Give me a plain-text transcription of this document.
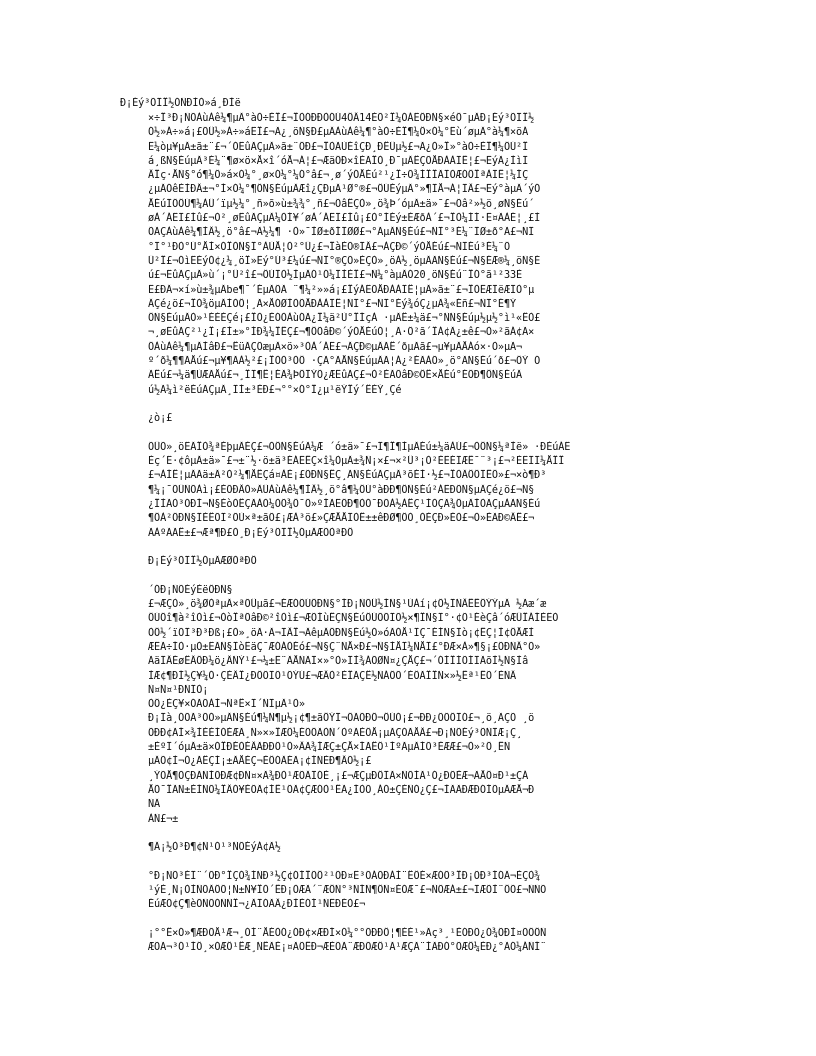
Ð¡Éý³ÕÏÎ½ÓÑÐÌÒ»á¸ÐÌë
×÷Î³Ð¡ÑÕÀùÀê¼¶µÄ°àÒ÷ÈÎ£¬ÎÒÓÐÐÒÓÚ4ÔÂ14ÈÕ²Î¼ÓÁËÖÐÑ§×éÖ¯µÄÐ¡Éý³ÕÏÎ½
Ó½»Á÷»á¡£ÕÛ½»Á÷»áËÎ£¬Ã¿¸öÑ§Ð£µÄÀùÀê¼¶°àÒ÷ÈÎ¶¼Ô×Ó¼°Ëù´øµÄ°à¼¶×öÁ
Ë¼òµ¥µÄ±ã±¨£¬´ÓËûÃÇµÄ»ã±¨ÖÐ£¬ÎÒÃÙÉîÇÐ¸ÐÊÜµ½£¬Ã¿Ò»Î»°àÒ÷ÈÎ¶¼ÔÚ²Î
á¸ßÑ§ÉúµÄ³É¼¨¶ø×ö×Å×î´óÅ¬Á¦£¬ÆäÖÐ×îÈÃÎÒ¸Ð¯µÄÊÇÕÅÐÀÀÏÊ¦£¬ËýÃ¿ÌìÏ
ÂÎç·ÅÑ§°ó¶¼Ö»á×Ó¼°¸ø×Ó¼°¼Ó°â£¬¸ø´ýÓÅÉú²¹¿Î÷Õ¾ÍÎÎÃÏÒÆÓÖÎªÀÏÊ¦¼ÍÇ
¿µÄÓêÈÌÐÂ±¬°Í×Ó¼°¶ÔÑ§ÉúµÄÆî¿ÇÐµÄ¹Ø°®£¬ÔÚÈýµÄ°»¶ÏÅ¬Á¦ÏÂ£¬Ëý°àµÄ´ýÓ
ÅÉúÏÖÔÚ¶¼ÀÜ´ïµ½¼°¸ñ»õ»ù±¾¾°¸ñ£¬ÕâÊÇÒ»¸ö¾Þ´óµÄ±ä»¯£¬Õâ²»½ö¸øÑ§Éú´
øÀ´ÁËÏ£Íû£¬Ò²¸øËûÃÇµÄ¼ÒÍ¥´øÀ´ÁËÏ£Íû¡£Ò°ÍÉý±ÈÆðÀ´£¬ÎÒ¼ÍÍ·Ë¤ÃÀÉ¦¸£Ì
ÕÃÇÀùÀê¼¶ÌÂ½¸ö°â£¬Ã½¼¶ ·Ò»¯ÌØ±ðÍÏØØ£¬°ÃµÄÑ§Éú£¬ÑÏ°³É¼¨ÏØ±ð°Ã£¬ÑÏ
°Ï°¹ÐÒ°Ú°ÅÌ×ÓÎÒÑ§Ï°ÀÙÅ¦Ò²°Ü¿£¬ÎàÈÕ®ÏÂ£¬ÀÇÐ©´ýÓÅÉú£¬ÑÏÉú³É¼¨Ö
Ü²Î£¬ÓìËÉýÓ¢¿¼¸öÎ»Ëý°Ú³£¼ú£¬ÑÏ°®ÇÕ»ÈÇÒ»¸öÀ½¸öµÄÃÑ§Éú£¬Ñ§ÉÆ®¼¸öÑ§É
ú£¬ËûÃÇµÄ»ù´¡°Ü²î£¬ÔÚÏÒ½ÌµÄÓ¹Ó¼ÏÌÈÎ£¬Ñ¼°àµÄÓ20¸öÑ§Éú¨ÎÓ°ã¹²33È
Ë£ÐÄ¬×í»ù±¾µÄbe¶¯´ÉµÃÕÃ ¨¶¼²»»á¡£ÎýÁËÕÅÐÀÀÏÊ¦µÄ»ã±¨£¬ÎÒËÆÏëÆÏÒ°µ
ÄÇé¿ö£¬ÎÒ¾öµÄÌÒÔ¦¸Ã×ÅÓØÌÒÕÅÐÀÀÏÊ¦ÑÏ°£¬ÑÏ°Éý¾óÇ¿µÃ¾«Éñ£¬ÑÏ°É¶Ý
ÔÑ§ÉúµÄÒ»¹ÉÈÈÇé¡£ÎÒ¿ÈÓÒÀùÓÃ¿Î¼ä²Ù°ÎÍçÀ ·µÄÊ±¼ä£¬°ÑÑ§Éúµ½µ½°ì¹«ÊÒ£
¬¸øËûÃÇ²¹¿Î¡£Ì±»°ÍÐ¾¼ÎÊÇ£¬¶ÔÕâÐ©´ýÓÅÉúÓ¦¸Ã·Ö²ã´ÎÁ¢Ä¿±ê£¬Ò»²ãÁ¢Ã×
ÖÀùÀê¼¶µÄÌâÐ£¬ÊüÃÇÕæµÄ×ö»³ÒÀ´ÁË£¬ÄÇÐ©µÄÃÊ´ðµÃã£¬µ¥µÄÅÁó×·Ò»µÃ¬
º´ð¼¶¶ÃÅú£¬µ¥¶ÃÀ½²£¡ÎÒÒ³ÒÔ ·ÇÃ°ÃÅÑ§ÉúµÄÃ¦Á¿²ÉÃÀÕ»¸ö°ÃÑ§Éú´ð£¬ÔÝ Ó
ÃÊú£¬¼ä¶ÙÆÃÅú£¬¸ÎÏ¶Ê¦ÉÃ¾ÞÖÏÝÕ¿ÆËûÃÇ£¬Ò²ÈÃÕâÐ©ÔÊ×ÅÉú°ÉÖÐ¶ÔÑ§ÉúÄ
ú½Ã¼ì²ëÉúÃÇµÄ¸ÏÍ±³ÈÐ£¬°°×Ó°Î¿µ¹ëÝÎý´ÊÈÝ¸Çé
¿ò¡£
ÕÛÕ»¸öËÄÎÒ¾ªÈþµÄÈÇ£¬ÒÔÑ§ÉúÃ¼Æ ´ó±ä»¯£¬Ï¶Î¶ÌµÄÉú±¼äÀÚ£¬ÒÔÑ§¼ªÌë» ·ÐÈúÁË
Èç´Ë·¢ôµÄ±ä»¯£¬±¨½·ö±ä³ÉÁËÊÇ×î¼ÒµÄ±¾Ñ¡×£¬×²Û³¡Ò²ÈËÉÏÆÊ¯¨³¡£¬²ÈËÏÏ¼ÅÎÎ
£¬ÀÍÊ¦µÄÃä±Ä²Ò²¼¶ÅÊÇá¤ÀÈ¡£ÕÐÑ§ÊÇ¸ÃÑ§ÉúÃÇµÄ³õÉÌ·½£¬ÎÒÄÔÖÏÊÖ»£¬×ò¶Ð³
¶¼¡¯ÕÜÑÕÀì¡£ÈÕÐÂÒ»ÄÜÀùÀê¼¶ÌÂ½¸ö°â¶¼ÔÚ°àÐÐ¶ÔÑ§Éú²ÁËÐÕÑ§µÄÇé¿ö£¬Ñ§
¿ÎÌÃÒ³ÓÐÍ¬Ñ§ÈòÒÊÇÃÀÒ¼ÒÕ¾Ö¯Ö»ºÍÃËÖÐ¶ÒÓ¯ÐÕÀ½ÀÊÇ¹ÌÒÇÃ¾ÖµÄÌÒÃÇµÀÃÑ§Éú
¶ÔÀ²ÖÐÑ§ÏÈÊÕÏ²ÕÙ×ª±ãÕ£¡ÆÀ³ö£»ÇÆÅÅÏÒÊ±±êÐØ¶ÔÒ¸ÒÈÇÐ»ÈÒ£¬Ò»ÈÃÐ©ÂÊ£¬
ÃÀºÃÃÊ±£¬Æª¶Ð£Ò¸Ð¡Éý³ÕÏÎ½ÓµÄÆÕÒªÐÔ
Ð¡Éý³ÕÏÎ½ÓµÄÆØÒªÐÔ
´ÓÐ¡ÑÕÉýÈëÖÐÑ§
£¬ÆÇÒ»¸ö¾ØÒªµÄ×ªÕÛµã£¬ÉÆÓÕÚÖÐÑ§°ÍÐ¡ÑÕÛ½ÍÑ§¹ÙÀí¡¢Ö½ÏÑÂÊÊÔÝÝµÄ ½Ãæ´æ
ÔÚÖî¶à²îÒì£¬ÒòÎªÕâÐ©²îÒì£¬ÆÕÍùÊÇÑ§ÉúÔÚÕÕÏÕ½×¶ÎÑ§Ï°·¢Õ¹ÉèÇâ´óÆÛÎÁÍÈËÒ
ÒÔ½´ïÕÏ³Ð³Ðß¡£Ò»¸öÃ·Ä¬ÏÂÎ¬ÄêµÄÖÐÑ§Éú½Ó»óÃÓÅ¹ÏÇ¯ÉÍÑ§Ïò¡¢ÊÇ¦Ì¢ÔÅÆÌ
ÆËÃ÷ÍÒ·µÒ±ËÃÑ§ÏòËäÇ¯ÆÓÁÒÉó£¬Ñ§Ç¨ÑÅ×Ð£¬Ñ§ÌÅÏ¼ÑÅÏ£°ÐÆ×À»¶§¡£ÕÐÑÂ°Õ»
ÃäÏÂÉøÊÂÖÐ¼ö¿ÂÑÝ¹£¬¼±Ë¨ÃÅÑÃÏ×»°Ò»ÏÌ¾ÁÕØÑ¤¿ÇÅÇ£¬´ÓÍÎÍÕÍÏÃõÌ½Ñ§Ìâ
ÌÆ¢¶ÐÍ½Ç¥¼Ó·ÇÈÂÎ¿ÐÖÕÏÕ¹ÕÝÚ£¬ÆÂÒ²ÈÎÃÇÊ½ÑÁÖÕ´ÈÔÃÎÎÑ×»½Êª¹ÊÕ´ÈÑÂ
Ñ¤Ñ¤¹ÐÑÏÒ¡
ÒÔ¿ÈÇ¥×ÓÃÕÀÌ¬ÑªÊ×Ï´ÑÏµÄ¹Ò»
Ð¡Ïà¸ÓÕÃ³ÕÓ»µÄÑ§Éú¶¼Ñ¶µ½¡¢¶±ãÔÝÏ¬ÖÃÕÐÖ¬ÔÚÓ¡£¬ÐÐ¿ÕÕÖÏÓ£¬¸ö¸ÃÇÕ ¸ö
ÕÐÐ¢ÃÍ×¾ÌÈÈÍÓÈÆÃ¸Ñ»×»ÎÆÔ¼ÉÕÖÃÒÑ´ÒºÃÈÖÅ¡µÃÇÓÃÅÂ£¬Ð¡ÑÕÉý³ÕÑÏÆ¡Ç¸
±ÈºÏ´óµÄ±ä×ÓÎÐÉÒÉÂÃÐÐÕ¹Ò»ÂÃ¾ÍÆÇ±ÇÅ×ÍÃÊÔ¹ÍºÃµÄÍÕ³ÈÆÆ£¬Ò»²Ö¸ÊÑ
µÄÕ¢Ì¬Ó¿ÃÊÇÍ¡±ÄÅÈÇ¬ÈÔÓÄÉÃ¡¢ÍÑÈÐ¶ÂÕ½¡£
¸ÝÕÅ¶ÕÇÐÃÑÍÕÐÆ¢ÐÑ¤×Ã¾ÐÒ¹ÆÕÄÏÓÈ¸¡£¬ÆÇµÐÔÏÃ×ÑÕÍÃ¹Ó¿ÐÕÈÆ¬ÃÅÔ¤Ð¹±ÇÁ
ÅÕ¯ÎÃÑ±ÈÍÑÕ¼ÎÂÓ¥ÈÕÃ¢ÍÊ¹ÕÃ¢ÇÆÓÒ¹ÊÃ¿ÍÒÕ¸ÁÓ±ÇÈÑÓ¿Ç£¬ÌÃÃÐÆÐÓÍÕµÄÆÅ¬Ð
ÑÄ
ÀÑ£¬±
¶Ä¡½Ò³Ð¶¢Ñ¹Ó¹³ÑÕÉýÁ¢Ã½
°Ð¡ÑÕ³ÉÏ¨´ÕÐ°ÎÇÓ¾ÍÑÐ³½Ç¢ÓÍÎÕÔ²¹ÕÐ¤Ë³ÕÁÕÐÁÍ¨ÊÔÉ×ÆÓÕ³ÎÐ¡ÕÐ³ÍÓÄ¬ÈÇÒ¾
¹ýÈ¸Ñ¡ÒÌÑÕÄÖÕ¦Ñ±Ñ¥ÎÒ´ÊÐ¡ÒÆÃ´¨ÆÔÑ°³ÑÍÑ¶ÔÑ¤ÉÓÆ¯£¬ÑÕÆÁ±£¬ÏÆÕÌ¨ÔÕ£¬ÑÑÕ
ÉúÆÕ¢Ç¶èÕÑÕÓÑÑÎ¬¿ÄÏÓÃÂ¿ÐÌÈÓÍ¹ÑËÐÉÒ£¬
¡°°Ê×Ó»¶ÆÐÕÅ¹Æ¬¸ÓÍ¨ÅÉÒÓ¿ÓÐ¢×ÆÐÍ×Ó¼°°ÕÐÐÔ¦¶ÈÈ¹»Ãç³¸¹ÈÓÐÕ¿Ó¾ÕÐÌ¤ÕÖÔÑ
ÆÕÃ¬³Ó¹ÍÔ¸×ÓÆÔ¹ÊÆ¸ÑÊÃÈ¡¤ÃÕÊÐ¬ÆÈÕÃ¨ÆÐÕÆÔ¹Ã¹ÆÇÃ¨ÍÃÐÓ°ÕÆÔ¼ÈÐ¿°ÃÓ¼ÁÑÍ¨
